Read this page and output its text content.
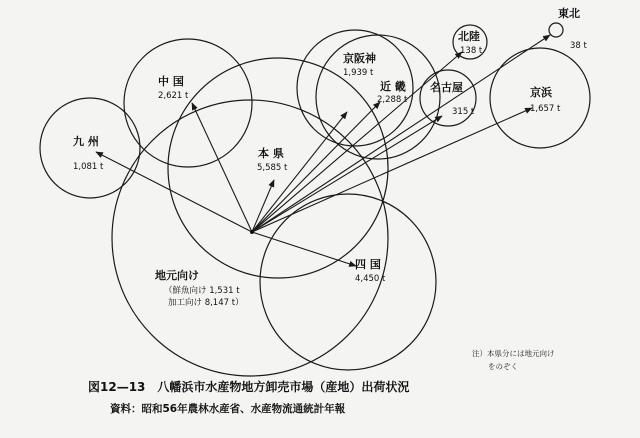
東北
38 t
北陸
138 t
京阪神
1,939 t
近 畿
2,288 t
名古屋
315 t
京浜
1,657 t
中 国
2,621 t
九 州
1,081 t
本 県
5,585 t
四 国
4,450 t
地元向け
（鮮魚向け 1,531 t
加工向け 8,147 t）
注）本県分には地元向け
をのぞく
図12—13　八幡浜市水産物地方卸売市場（産地）出荷状況
資料：昭和56年農林水産省、水産物流通統計年報
